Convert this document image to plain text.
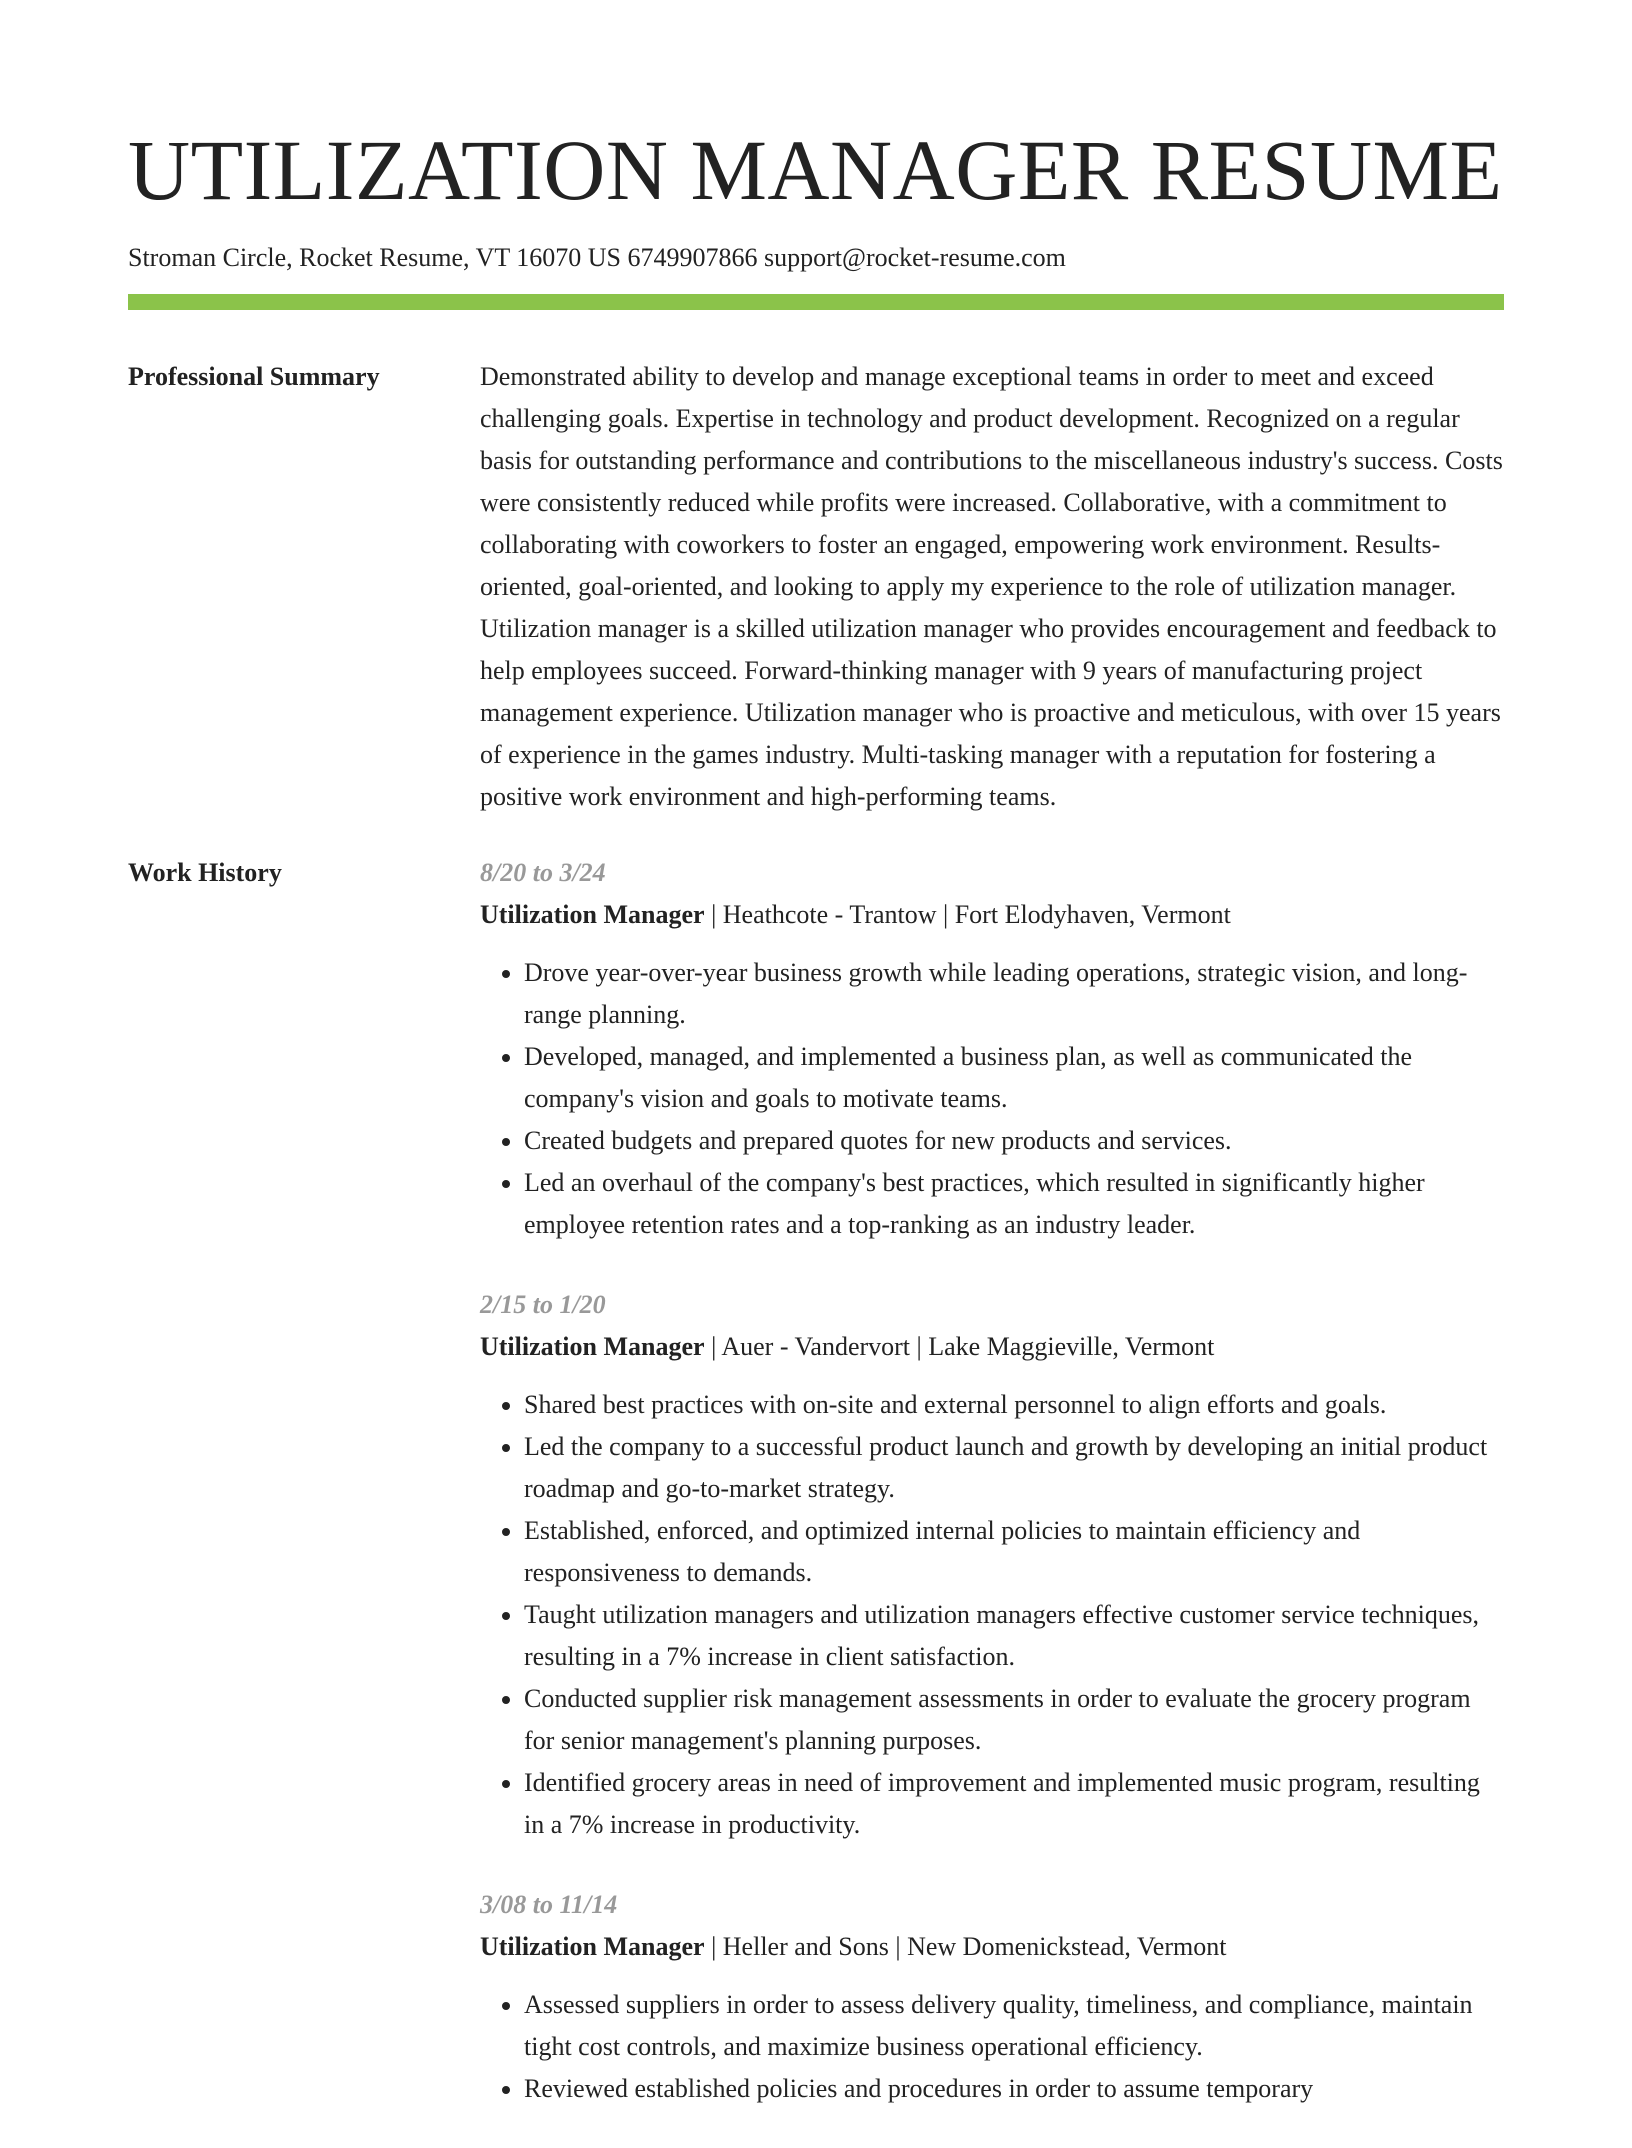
UTILIZATION MANAGER RESUME
Stroman Circle, Rocket Resume, VT 16070 US 6749907866 support@rocket-resume.com
Professional Summary	Demonstrated ability to develop and manage exceptional teams in order to meet and exceed challenging goals. Expertise in technology and product development. Recognized on a regular basis for outstanding performance and contributions to the miscellaneous industry's success. Costs were consistently reduced while profits were increased. Collaborative, with a commitment to collaborating with coworkers to foster an engaged, empowering work environment. Results-oriented, goal-oriented, and looking to apply my experience to the role of utilization manager. Utilization manager is a skilled utilization manager who provides encouragement and feedback to help employees succeed. Forward-thinking manager with 9 years of manufacturing project management experience. Utilization manager who is proactive and meticulous, with over 15 years of experience in the games industry. Multi-tasking manager with a reputation for fostering a positive work environment and high-performing teams.

Work History	8/20 to 3/24
Utilization Manager | Heathcote - Trantow | Fort Elodyhaven, Vermont
• Drove year-over-year business growth while leading operations, strategic vision, and long-range planning.
• Developed, managed, and implemented a business plan, as well as communicated the company's vision and goals to motivate teams.
• Created budgets and prepared quotes for new products and services.
• Led an overhaul of the company's best practices, which resulted in significantly higher employee retention rates and a top-ranking as an industry leader.
2/15 to 1/20
Utilization Manager | Auer - Vandervort | Lake Maggieville, Vermont
• Shared best practices with on-site and external personnel to align efforts and goals.
• Led the company to a successful product launch and growth by developing an initial product roadmap and go-to-market strategy.
• Established, enforced, and optimized internal policies to maintain efficiency and responsiveness to demands.
• Taught utilization managers and utilization managers effective customer service techniques, resulting in a 7% increase in client satisfaction.
• Conducted supplier risk management assessments in order to evaluate the grocery program for senior management's planning purposes.
• Identified grocery areas in need of improvement and implemented music program, resulting in a 7% increase in productivity.
3/08 to 11/14
Utilization Manager | Heller and Sons | New Domenickstead, Vermont
• Assessed suppliers in order to assess delivery quality, timeliness, and compliance, maintain tight cost controls, and maximize business operational efficiency.
• Reviewed established policies and procedures in order to assume temporary
